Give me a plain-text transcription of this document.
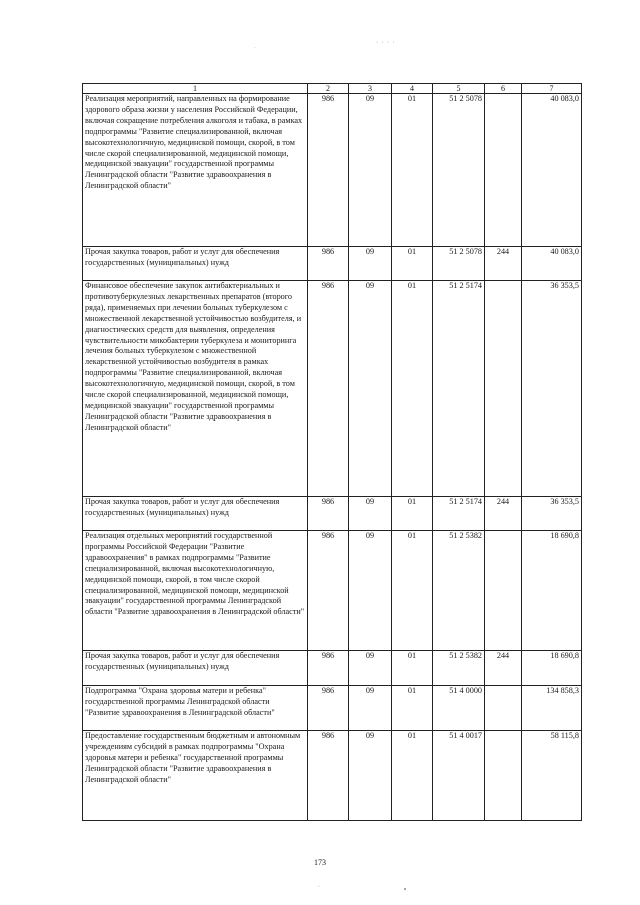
·
· · · ·
1	2	3	4	5	6	7
Реализация мероприятий, направленных на формирование здорового образа жизни у населения Российской Федерации, включая сокращение потребления алкоголя и табака, в рамках подпрограммы "Развитие специализированной, включая высокотехнологичную, медицинской помощи, скорой, в том числе скорой специализированной, медицинской помощи, медицинской эвакуации" государственной программы Ленинградской области "Развитие здравоохранения в Ленинградской области"	986	09	01	51 2 5078		40 083,0
Прочая закупка товаров, работ и услуг для обеспечения государственных (муниципальных) нужд	986	09	01	51 2 5078	244	40 083,0
Финансовое обеспечение закупок антибактериальных и противотуберкулезных лекарственных препаратов (второго ряда), применяемых при лечении больных туберкулезом с множественной лекарственной устойчивостью возбудителя, и диагностических средств для выявления, определения чувствительности микобактерии туберкулеза и мониторинга лечения больных туберкулезом с множественной лекарственной устойчивостью возбудителя в рамках подпрограммы "Развитие специализированной, включая высокотехнологичную, медицинской помощи, скорой, в том числе скорой специализированной, медицинской помощи, медицинской эвакуации" государственной программы Ленинградской области "Развитие здравоохранения в Ленинградской области"	986	09	01	51 2 5174		36 353,5
Прочая закупка товаров, работ и услуг для обеспечения государственных (муниципальных) нужд	986	09	01	51 2 5174	244	36 353,5
Реализация отдельных мероприятий государственной программы Российской Федерации "Развитие здравоохранения" в рамках подпрограммы "Развитие специализированной, включая высокотехнологичную, медицинской помощи, скорой, в том числе скорой специализированной, медицинской помощи, медицинской эвакуации" государственной программы Ленинградской области "Развитие здравоохранения в Ленинградской области"	986	09	01	51 2 5382		18 690,8
Прочая закупка товаров, работ и услуг для обеспечения государственных (муниципальных) нужд	986	09	01	51 2 5382	244	18 690,8
Подпрограмма "Охрана здоровья матери и ребенка" государственной программы Ленинградской области "Развитие здравоохранения в Ленинградской области"	986	09	01	51 4 0000		134 858,3
Предоставление государственным бюджетным и автономным учреждениям субсидий в рамках подпрограммы "Охрана здоровья матери и ребенка" государственной программы Ленинградской области "Развитие здравоохранения в Ленинградской области"	986	09	01	51 4 0017		58 115,8
173
·
